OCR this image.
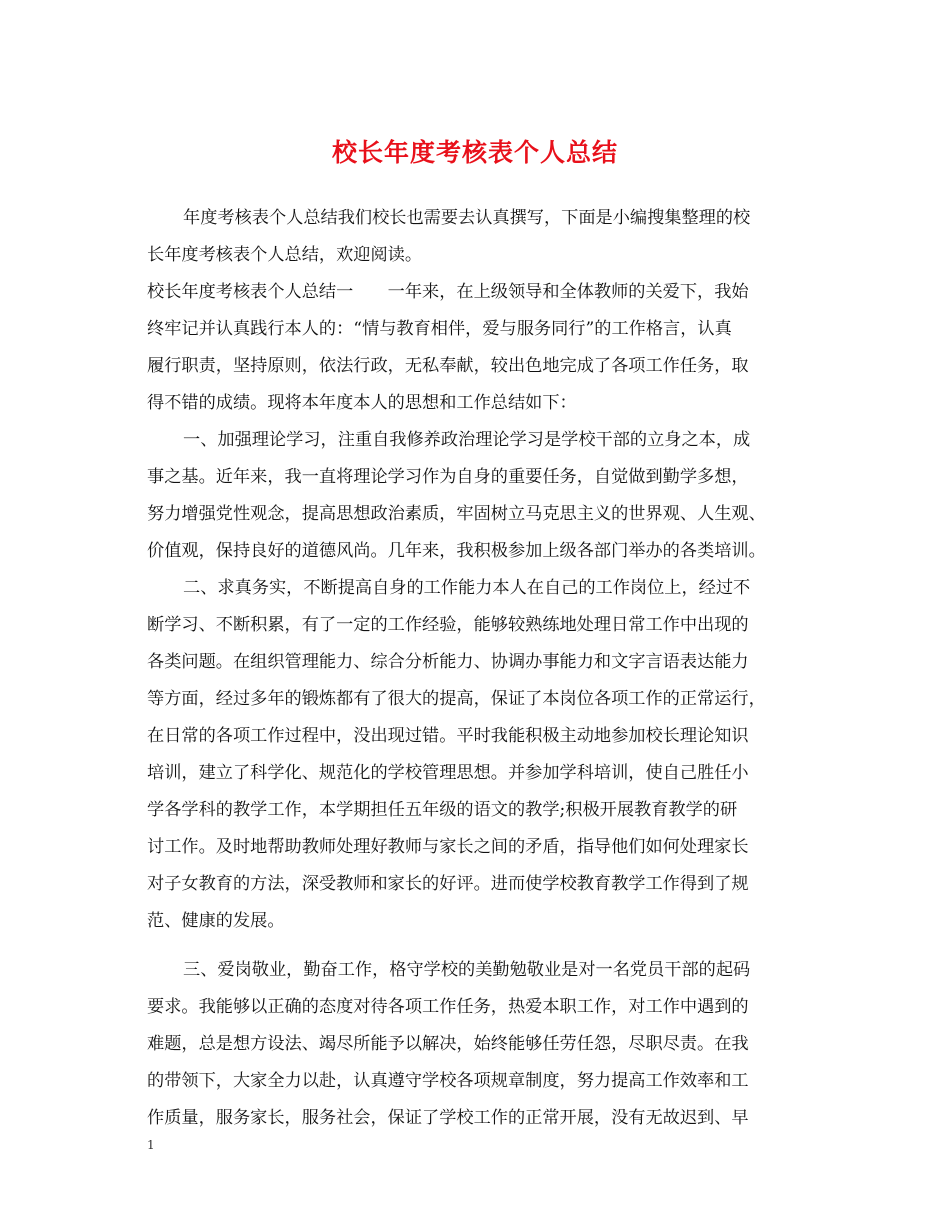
校长年度考核表个人总结
年度考核表个人总结我们校长也需要去认真撰写，下面是小编搜集整理的校
长年度考核表个人总结，欢迎阅读。
校长年度考核表个人总结一　　一年来，在上级领导和全体教师的关爱下，我始
终牢记并认真践行本人的：“情与教育相伴，爱与服务同行”的工作格言，认真
履行职责，坚持原则，依法行政，无私奉献，较出色地完成了各项工作任务，取
得不错的成绩。现将本年度本人的思想和工作总结如下：
一、加强理论学习，注重自我修养政治理论学习是学校干部的立身之本，成
事之基。近年来，我一直将理论学习作为自身的重要任务，自觉做到勤学多想，
努力增强党性观念，提高思想政治素质，牢固树立马克思主义的世界观、人生观、
价值观，保持良好的道德风尚。几年来，我积极参加上级各部门举办的各类培训。
二、求真务实，不断提高自身的工作能力本人在自己的工作岗位上，经过不
断学习、不断积累，有了一定的工作经验，能够较熟练地处理日常工作中出现的
各类问题。在组织管理能力、综合分析能力、协调办事能力和文字言语表达能力
等方面，经过多年的锻炼都有了很大的提高，保证了本岗位各项工作的正常运行，
在日常的各项工作过程中，没出现过错。平时我能积极主动地参加校长理论知识
培训，建立了科学化、规范化的学校管理思想。并参加学科培训，使自己胜任小
学各学科的教学工作，本学期担任五年级的语文的教学;积极开展教育教学的研
讨工作。及时地帮助教师处理好教师与家长之间的矛盾，指导他们如何处理家长
对子女教育的方法，深受教师和家长的好评。进而使学校教育教学工作得到了规
范、健康的发展。
三、爱岗敬业，勤奋工作，格守学校的美勤勉敬业是对一名党员干部的起码
要求。我能够以正确的态度对待各项工作任务，热爱本职工作，对工作中遇到的
难题，总是想方设法、竭尽所能予以解决，始终能够任劳任怨，尽职尽责。在我
的带领下，大家全力以赴，认真遵守学校各项规章制度，努力提高工作效率和工
作质量，服务家长，服务社会，保证了学校工作的正常开展，没有无故迟到、早
1
